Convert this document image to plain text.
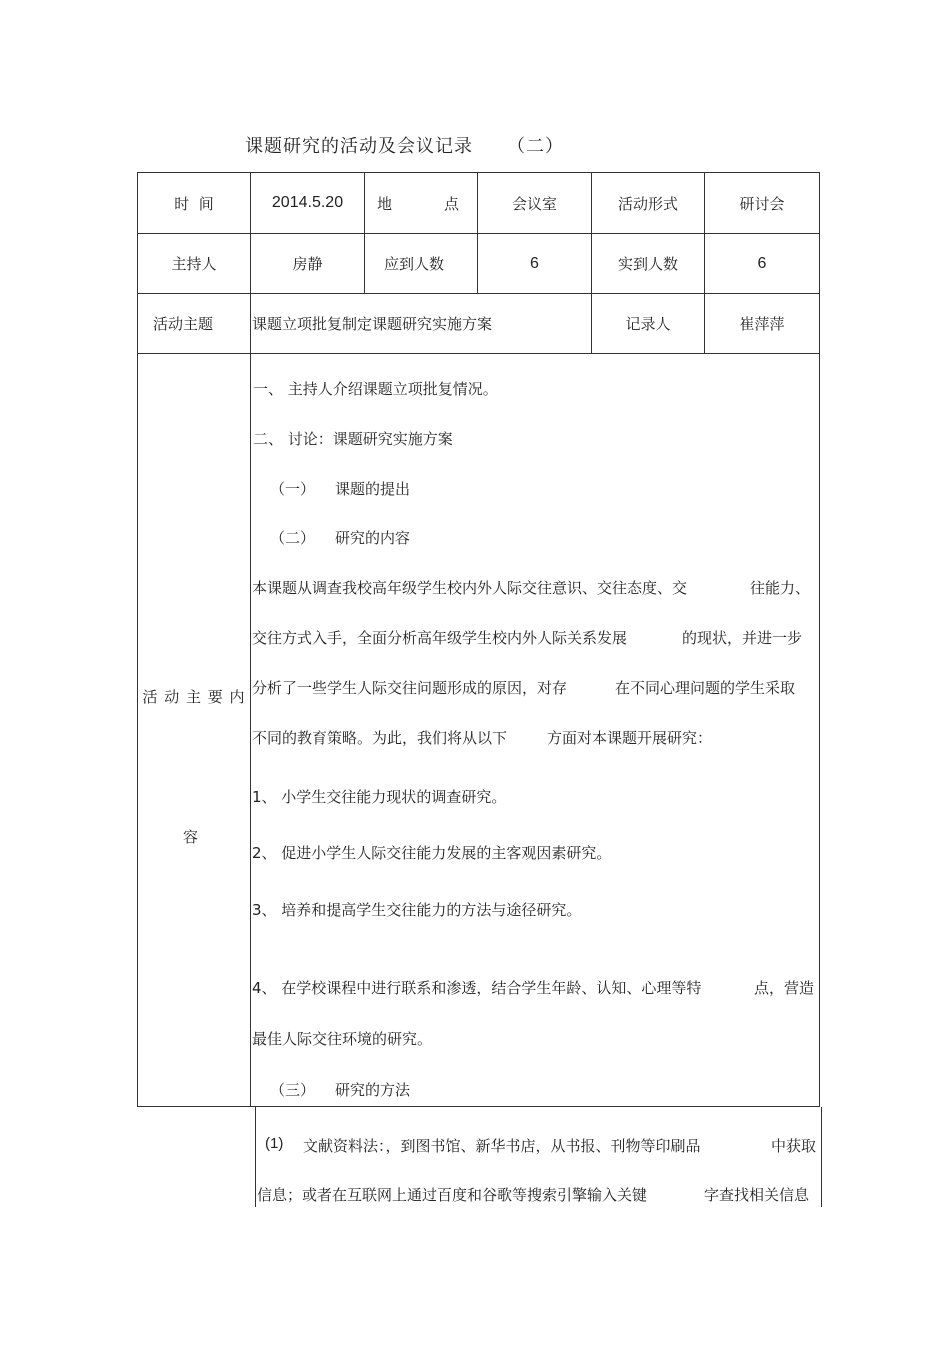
课题研究的活动及会议记录 （二）
时  间	2014.5.20	地	点	会议室	活动形式	研讨会
主持人	房静	应到人数	6	实到人数	6
活动主题	课题立项批复制定课题研究实施方案	记录人	崔萍萍
活 动 主 要 内
容
一、 主持人介绍课题立项批复情况。
二、 讨论：课题研究实施方案
（一） 课题的提出
（二） 研究的内容
本课题从调查我校高年级学生校内外人际交往意识、交往态度、交	往能力、
交往方式入手，全面分析高年级学生校内外人际关系发展	的现状，并进一步
分析了一些学生人际交往问题形成的原因，对存	在不同心理问题的学生采取
不同的教育策略。为此，我们将从以下	方面对本课题开展研究：
1、 小学生交往能力现状的调查研究。
2、 促进小学生人际交往能力发展的主客观因素研究。
3、 培养和提高学生交往能力的方法与途径研究。
4、 在学校课程中进行联系和渗透，结合学生年龄、认知、心理等特	点，营造
最佳人际交往环境的研究。
（三） 研究的方法
(1) 文献资料法：，到图书馆、新华书店，从书报、刊物等印刷品	中获取
信息；或者在互联网上通过百度和谷歌等搜索引擎输入关键	字查找相关信息
